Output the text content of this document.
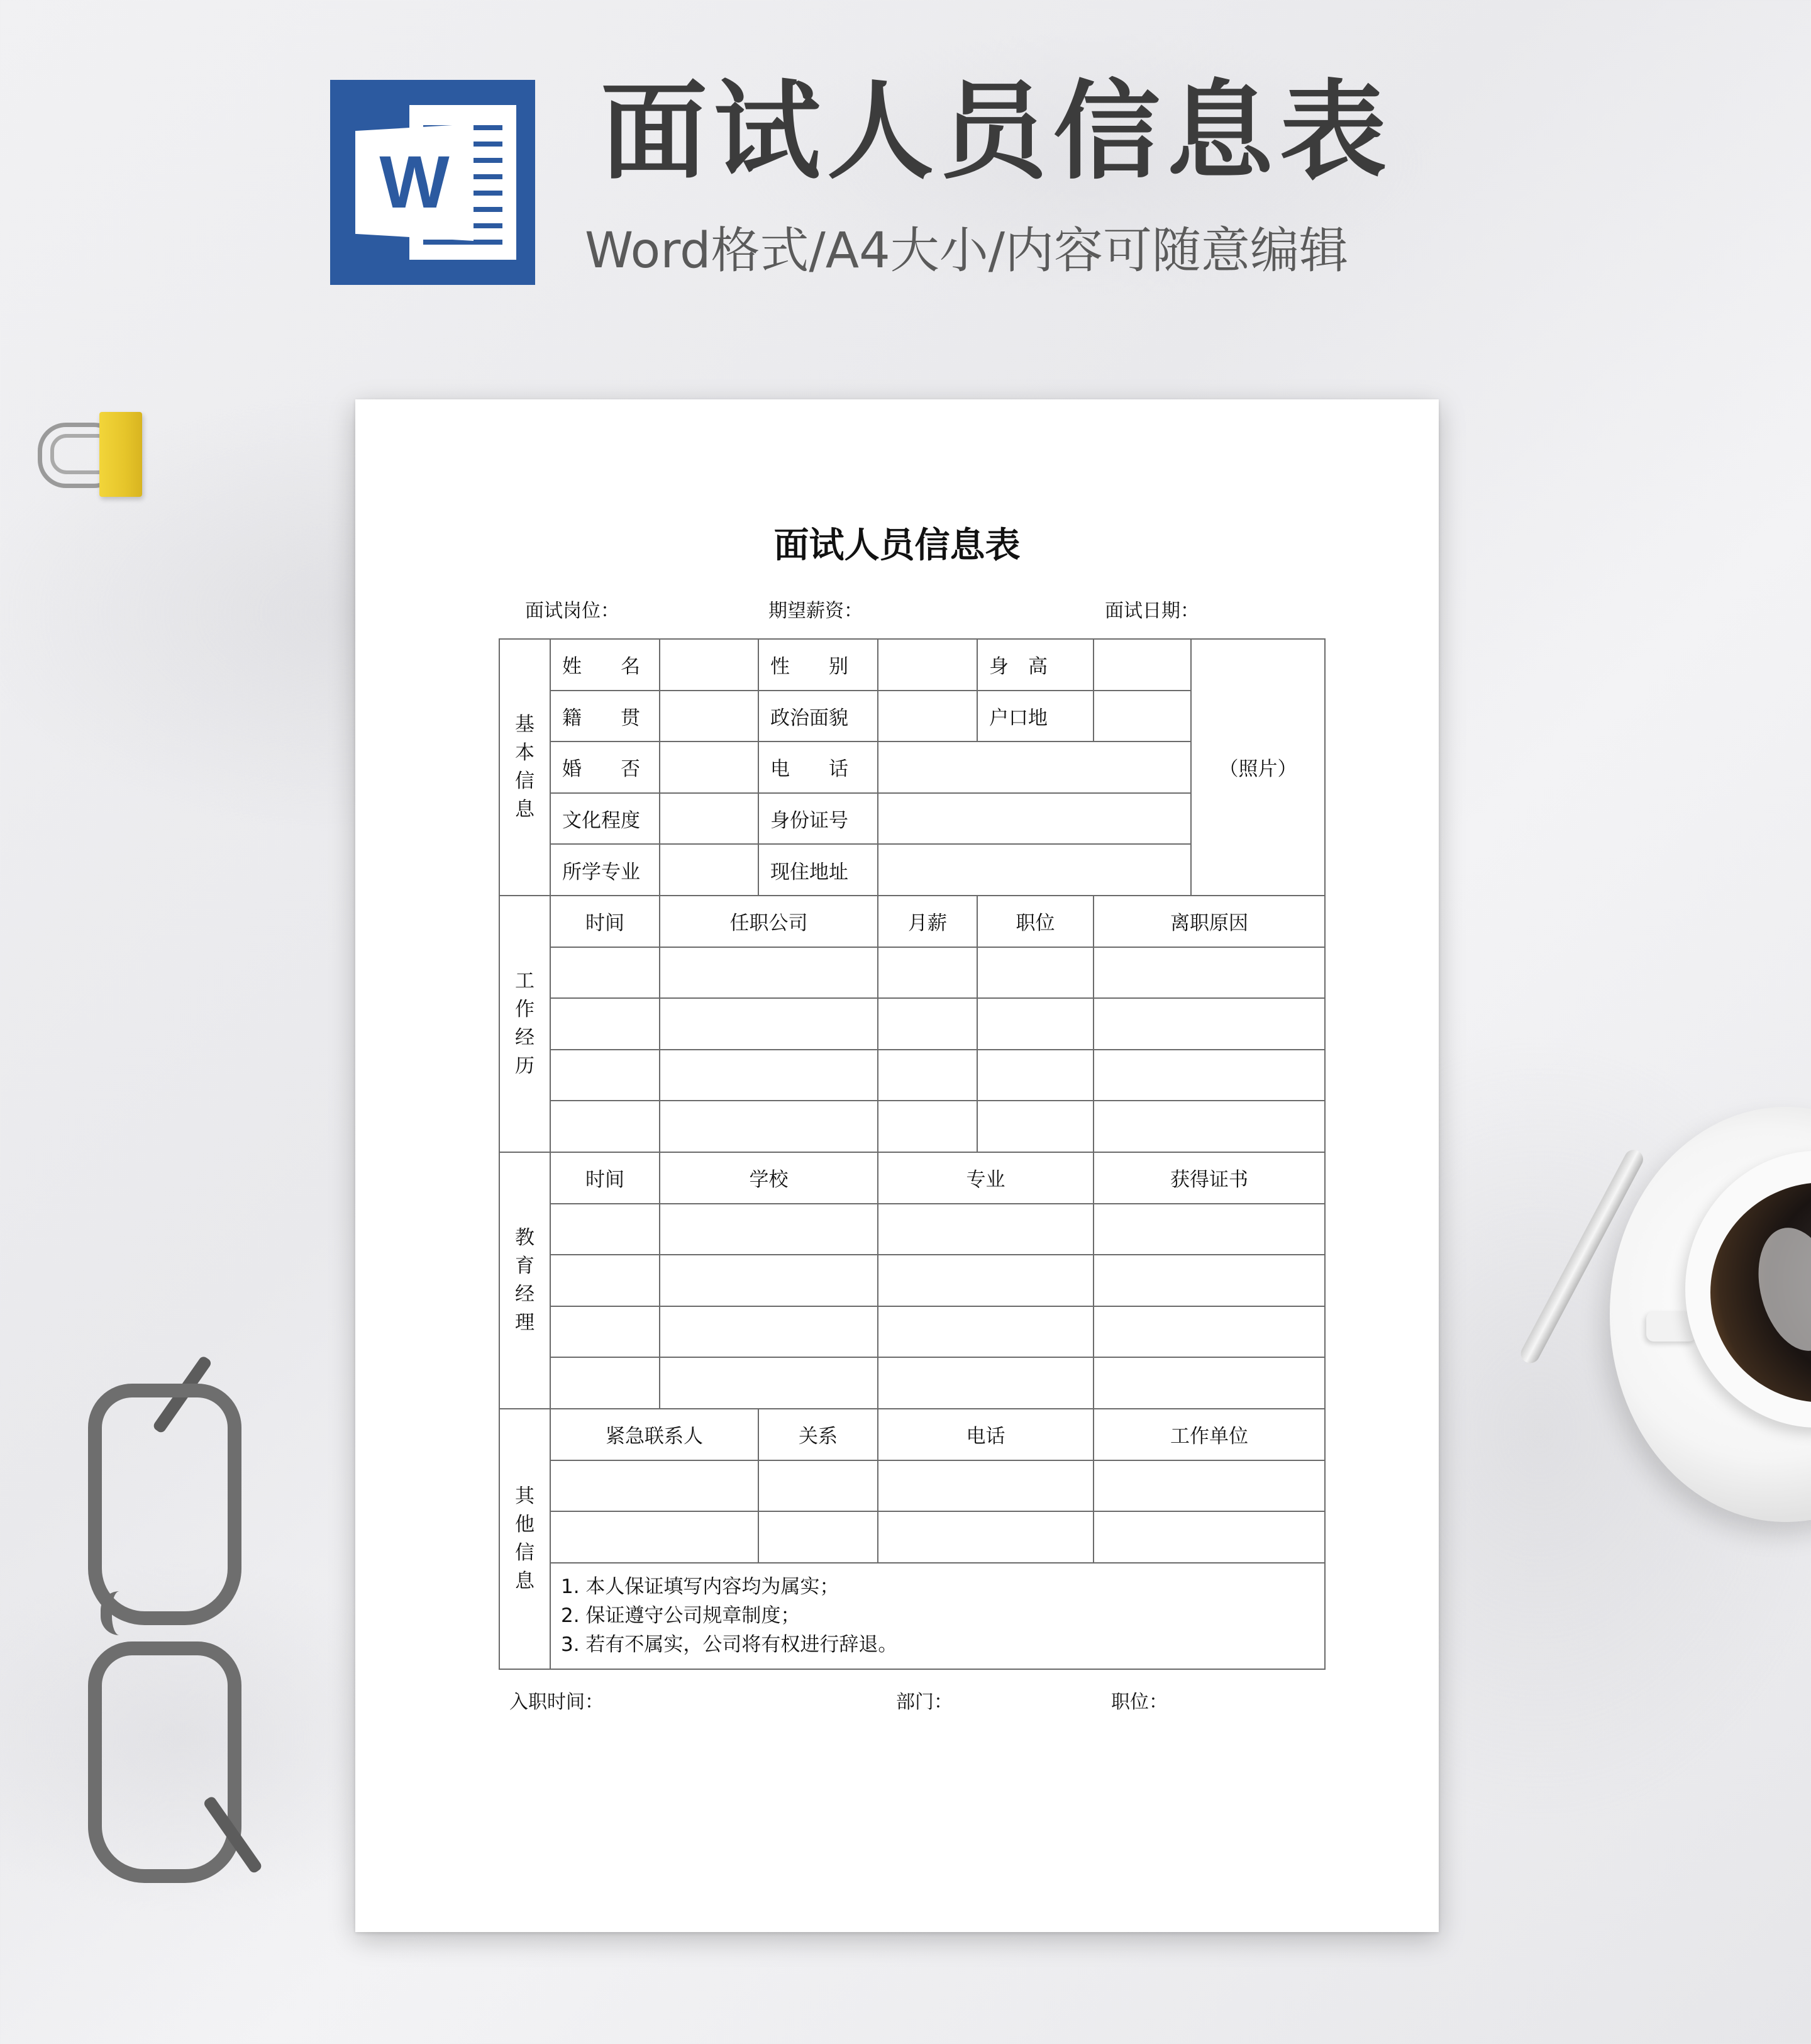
W 面试人员信息表
Word格式/A4大小/内容可随意编辑
面试人员信息表
面试岗位：	期望薪资：	面试日期：
基本信息	姓　　名		性　　别		身　高		（照片）
	籍　　贯		政治面貌		户口地		
	婚　　否		电　　话				
	文化程度		身份证号				
	所学专业		现住地址				
工作经历	时间	任职公司		月薪	职位	离职原因	

教育经理	时间	学校		专业		获得证书	

其他信息	紧急联系人		关系	电话		工作单位	

	1. 本人保证填写内容均为属实；
2. 保证遵守公司规章制度；
3. 若有不属实，公司将有权进行辞退。						
入职时间：	部门：	职位：
